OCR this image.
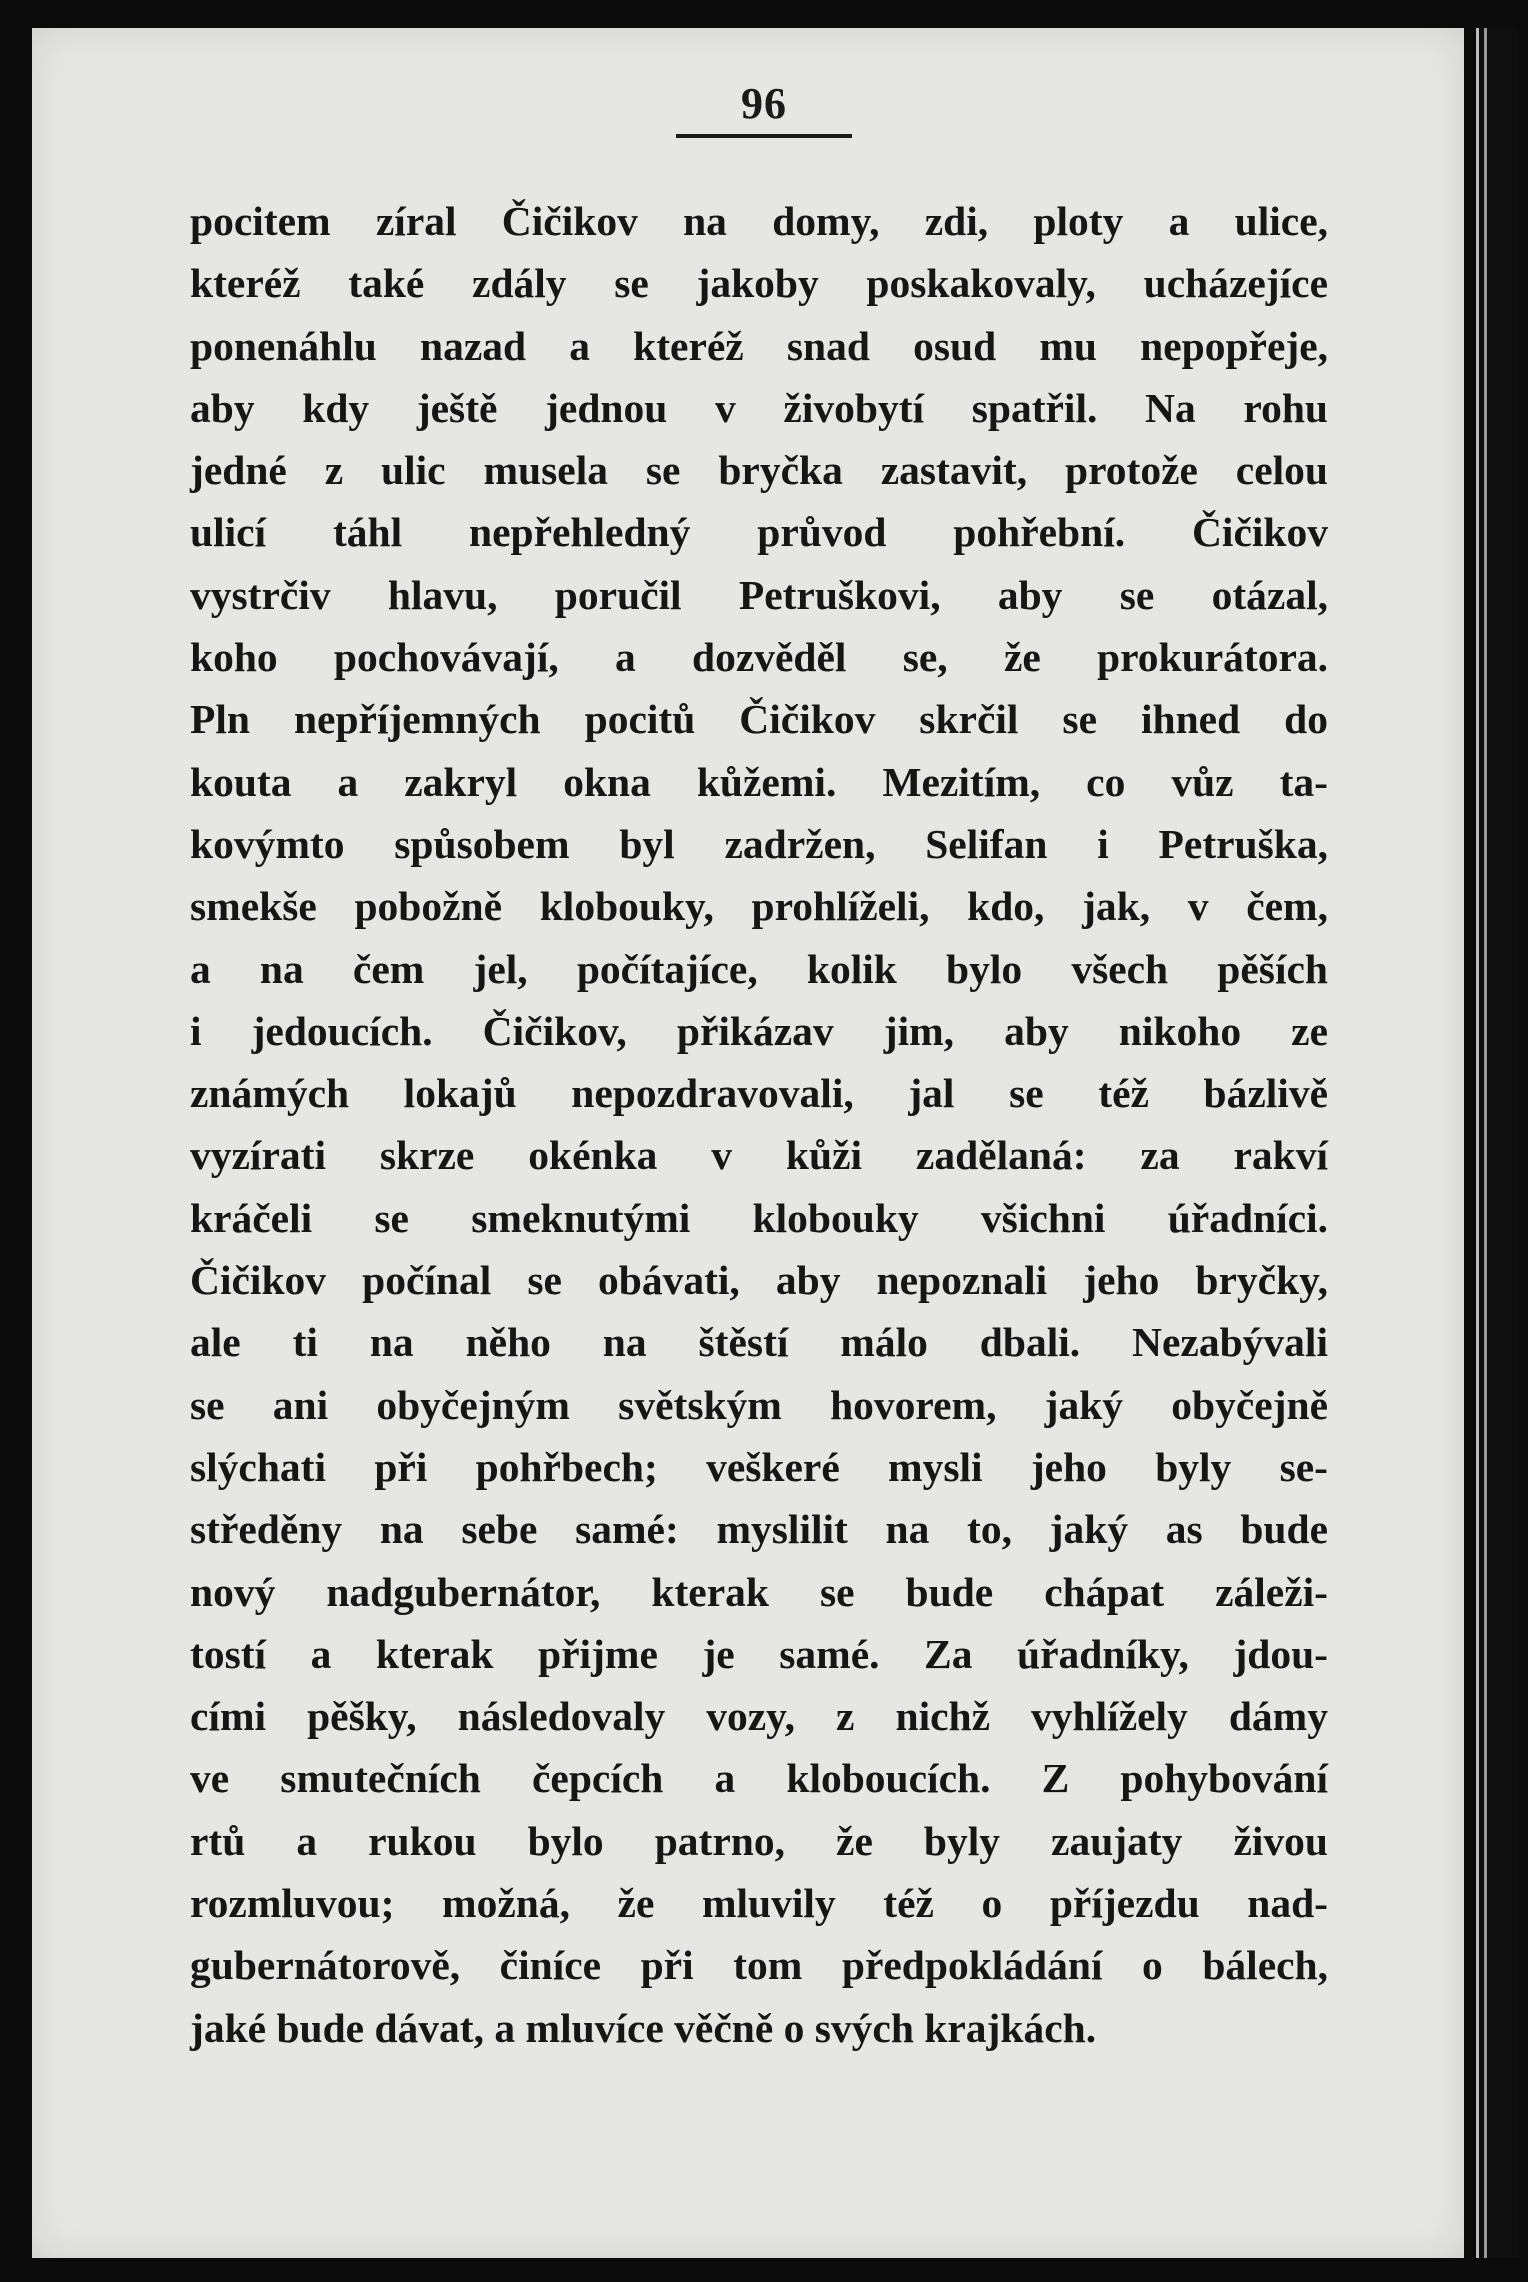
96
pocitem zíral Čičikov na domy, zdi, ploty a ulice,
kteréž také zdály se jakoby poskakovaly, ucházejíce
ponenáhlu nazad a kteréž snad osud mu nepopřeje,
aby kdy ještě jednou v živobytí spatřil. Na rohu
jedné z ulic musela se bryčka zastavit, protože celou
ulicí táhl nepřehledný průvod pohřební. Čičikov
vystrčiv hlavu, poručil Petruškovi, aby se otázal,
koho pochovávají, a dozvěděl se, že prokurátora.
Pln nepříjemných pocitů Čičikov skrčil se ihned do
kouta a zakryl okna kůžemi. Mezitím, co vůz ta-
kovýmto spůsobem byl zadržen, Selifan i Petruška,
smekše pobožně klobouky, prohlíželi, kdo, jak, v čem,
a na čem jel, počítajíce, kolik bylo všech pěších
i jedoucích. Čičikov, přikázav jim, aby nikoho ze
známých lokajů nepozdravovali, jal se též bázlivě
vyzírati skrze okénka v kůži zadělaná: za rakví
kráčeli se smeknutými klobouky všichni úřadníci.
Čičikov počínal se obávati, aby nepoznali jeho bryčky,
ale ti na něho na štěstí málo dbali. Nezabývali
se ani obyčejným světským hovorem, jaký obyčejně
slýchati při pohřbech; veškeré mysli jeho byly se-
středěny na sebe samé: myslilit na to, jaký as bude
nový nadgubernátor, kterak se bude chápat záleži-
tostí a kterak přijme je samé. Za úřadníky, jdou-
cími pěšky, následovaly vozy, z nichž vyhlížely dámy
ve smutečních čepcích a kloboucích. Z pohybování
rtů a rukou bylo patrno, že byly zaujaty živou
rozmluvou; možná, že mluvily též o příjezdu nad-
gubernátorově, činíce při tom předpokládání o bálech,
jaké bude dávat, a mluvíce věčně o svých krajkách.
